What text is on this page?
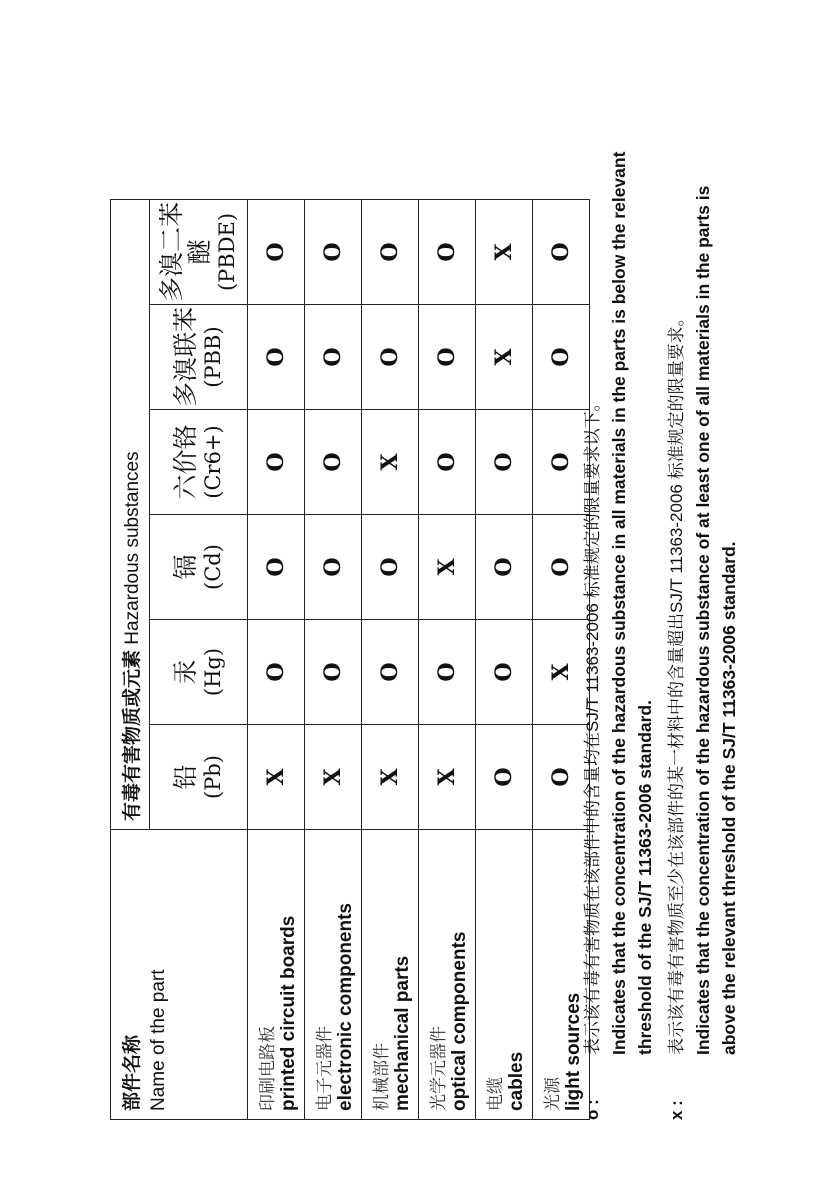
部件名称 Name of the part	有毒有害物质或元素 Hazardous substances					

	铅 (Pb)	汞 (Hg)	镉 (Cd)	六价铬 (Cr6+)	多溴联苯 (PBB)	多溴二苯醚 (PBDE)

印刷电路板 printed circuit boards	X	O	O	O	O	O

电子元器件 electronic components	X	O	O	O	O	O

机械部件 mechanical parts	X	O	O	X	O	O

光学元器件 optical components	X	O	X	O	O	O

电缆 cables	O	O	O	O	X	X

光源 light sources	O	X	O	O	O	O
o :
表示该有毒有害物质在该部件中的含量均在SJ/T 11363-2006 标准规定的限量要求以下。 Indicates that the concentration of the hazardous substance in all materials in the parts is below the relevant threshold of the SJ/T 11363-2006 standard.
x :
表示该有毒有害物质至少在该部件的某一材料中的含量超出SJ/T 11363-2006 标准规定的限量要求。 Indicates that the concentration of the hazardous substance of at least one of all materials in the parts is above the relevant threshold of the SJ/T 11363-2006 standard.
